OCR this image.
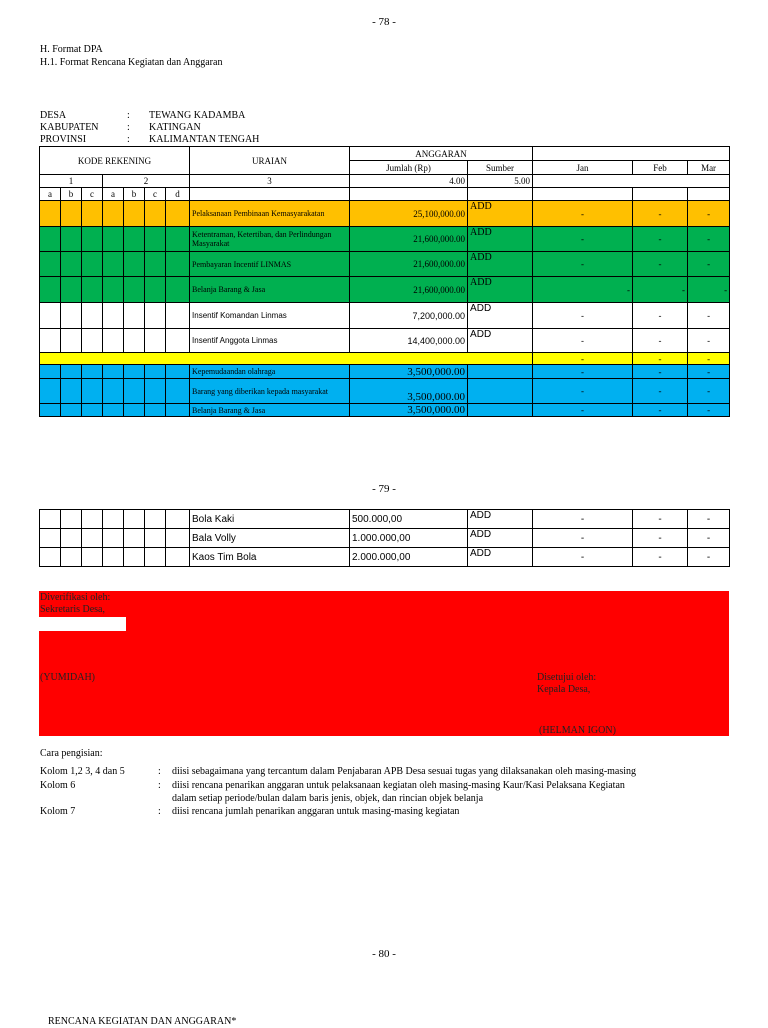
- 78 -
H. Format DPA
H.1. Format Rencana Kegiatan dan Anggaran
DESA	: TEWANG KADAMBA
KABUPATEN	: KATINGAN
PROVINSI	: KALIMANTAN TENGAH
KODE REKENING							URAIAN	ANGGARAN				
								Jumlah (Rp)	Sumber	Jan	Feb	Mar
1			2				3	4.00	5.00			
a	b	c	a	b	c	d						
							Pelaksanaan Pembinaan Kemasyarakatan	25,100,000.00	ADD	-	-	-
							Ketentraman, Ketertiban, dan Perlindungan Masyarakat	21,600,000.00	ADD	-	-	-
							Pembayaran Incentif LINMAS	21,600,000.00	ADD	-	-	-
							Belanja Barang & Jasa	21,600,000.00	ADD	-	-	-
							Insentif Komandan Linmas	7,200,000.00	ADD	-	-	-
							Insentif Anggota Linmas	14,400,000.00	ADD	-	-	-
										-	-	-
							Kepemudaandan olahraga	3,500,000.00		-	-	-
							Barang yang diberikan kepada masyarakat	3,500,000.00		-	-	-
							Belanja Barang & Jasa	3,500,000.00		-	-	-
- 79 -
							Bola Kaki	500.000,00	ADD	-	-	-
							Bala Volly	1.000.000,00	ADD	-	-	-
							Kaos Tim Bola	2.000.000,00	ADD	-	-	-
Diverifikasi oleh:
Sekretaris Desa,
(YUMIDAH)	Disetujui oleh:
Kepala Desa,
(HELMAN IGON)
Cara pengisian:
Kolom 1,2 3, 4 dan 5	: diisi sebagaimana yang tercantum dalam Penjabaran APB Desa sesuai tugas yang dilaksanakan oleh masing-masing
Kolom 6	: diisi rencana penarikan anggaran untuk pelaksanaan kegiatan oleh masing-masing Kaur/Kasi Pelaksana Kegiatan
dalam setiap periode/bulan dalam baris jenis, objek, dan rincian objek belanja
Kolom 7	: diisi rencana jumlah penarikan anggaran untuk masing-masing kegiatan
- 80 -
RENCANA KEGIATAN DAN ANGGARAN*
